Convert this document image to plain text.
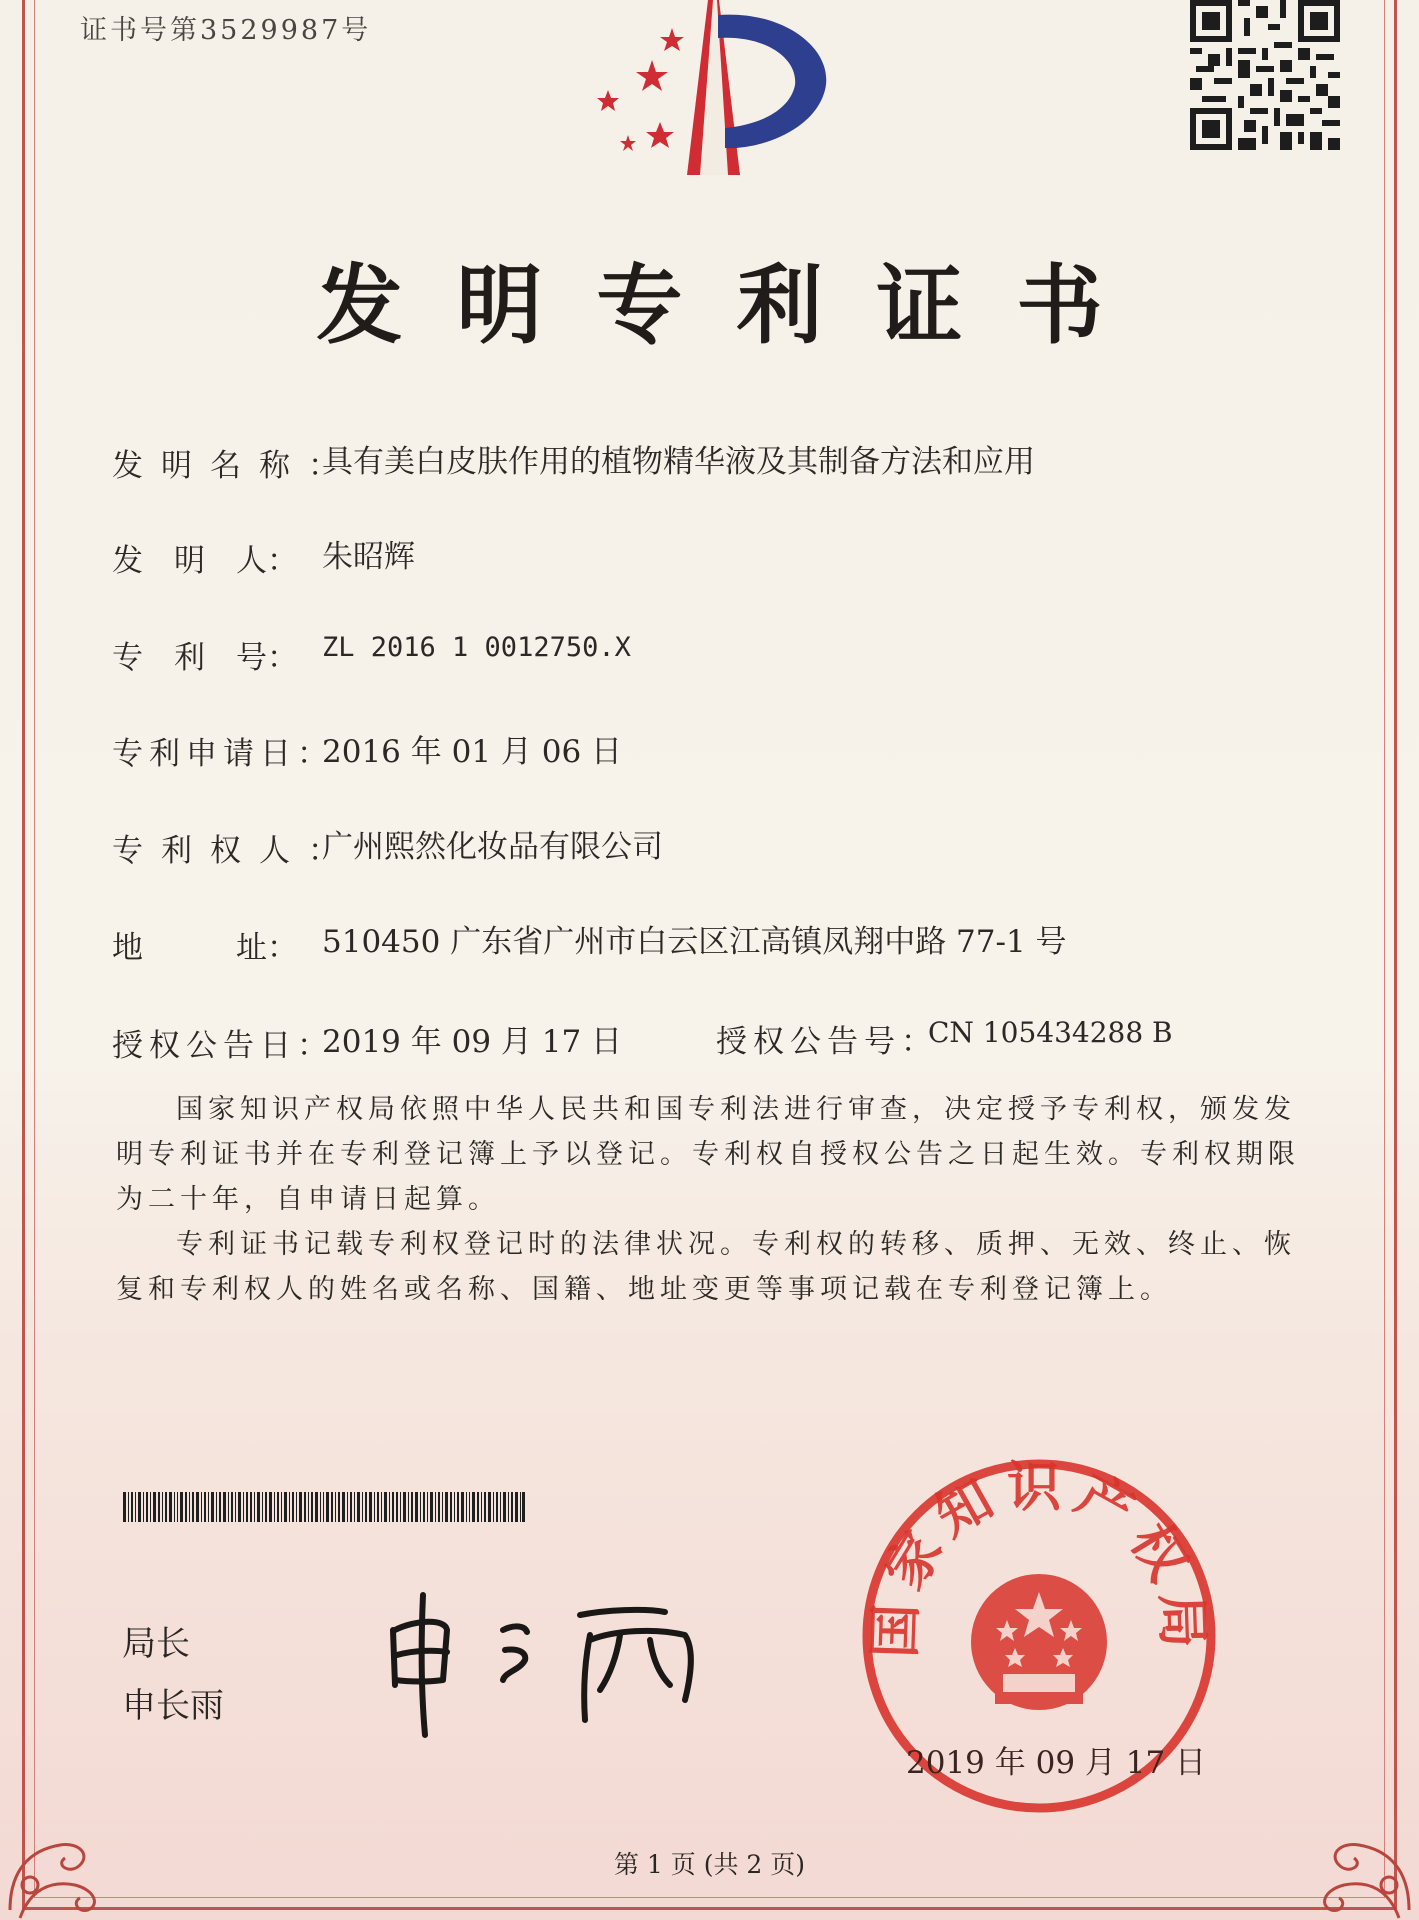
证书号第3529987号
发明专利证书
发明名称：
具有美白皮肤作用的植物精华液及其制备方法和应用
发　明　人： 朱昭辉
专　利　号： ZL 2016 1 0012750.X
专利申请日：
2016 年 01 月 06 日
专利权人：
广州熙然化妆品有限公司
地　　　址： 510450 广东省广州市白云区江高镇凤翔中路 77-1 号
授权公告日：
2019 年 09 月 17 日	授权公告号：
CN 105434288 B

国家知识产权局依照中华人民共和国专利法进行审查，决定授予专利权，颁发发明专利证书并在专利登记簿上予以登记。专利权自授权公告之日起生效。专利权期限为二十年，自申请日起算。

专利证书记载专利权登记时的法律状况。专利权的转移、质押、无效、终止、恢复和专利权人的姓名或名称、国籍、地址变更等事项记载在专利登记簿上。

局长
申长雨
国家知识产权局
2019 年 09 月 17 日
第 1 页 (共 2 页)
